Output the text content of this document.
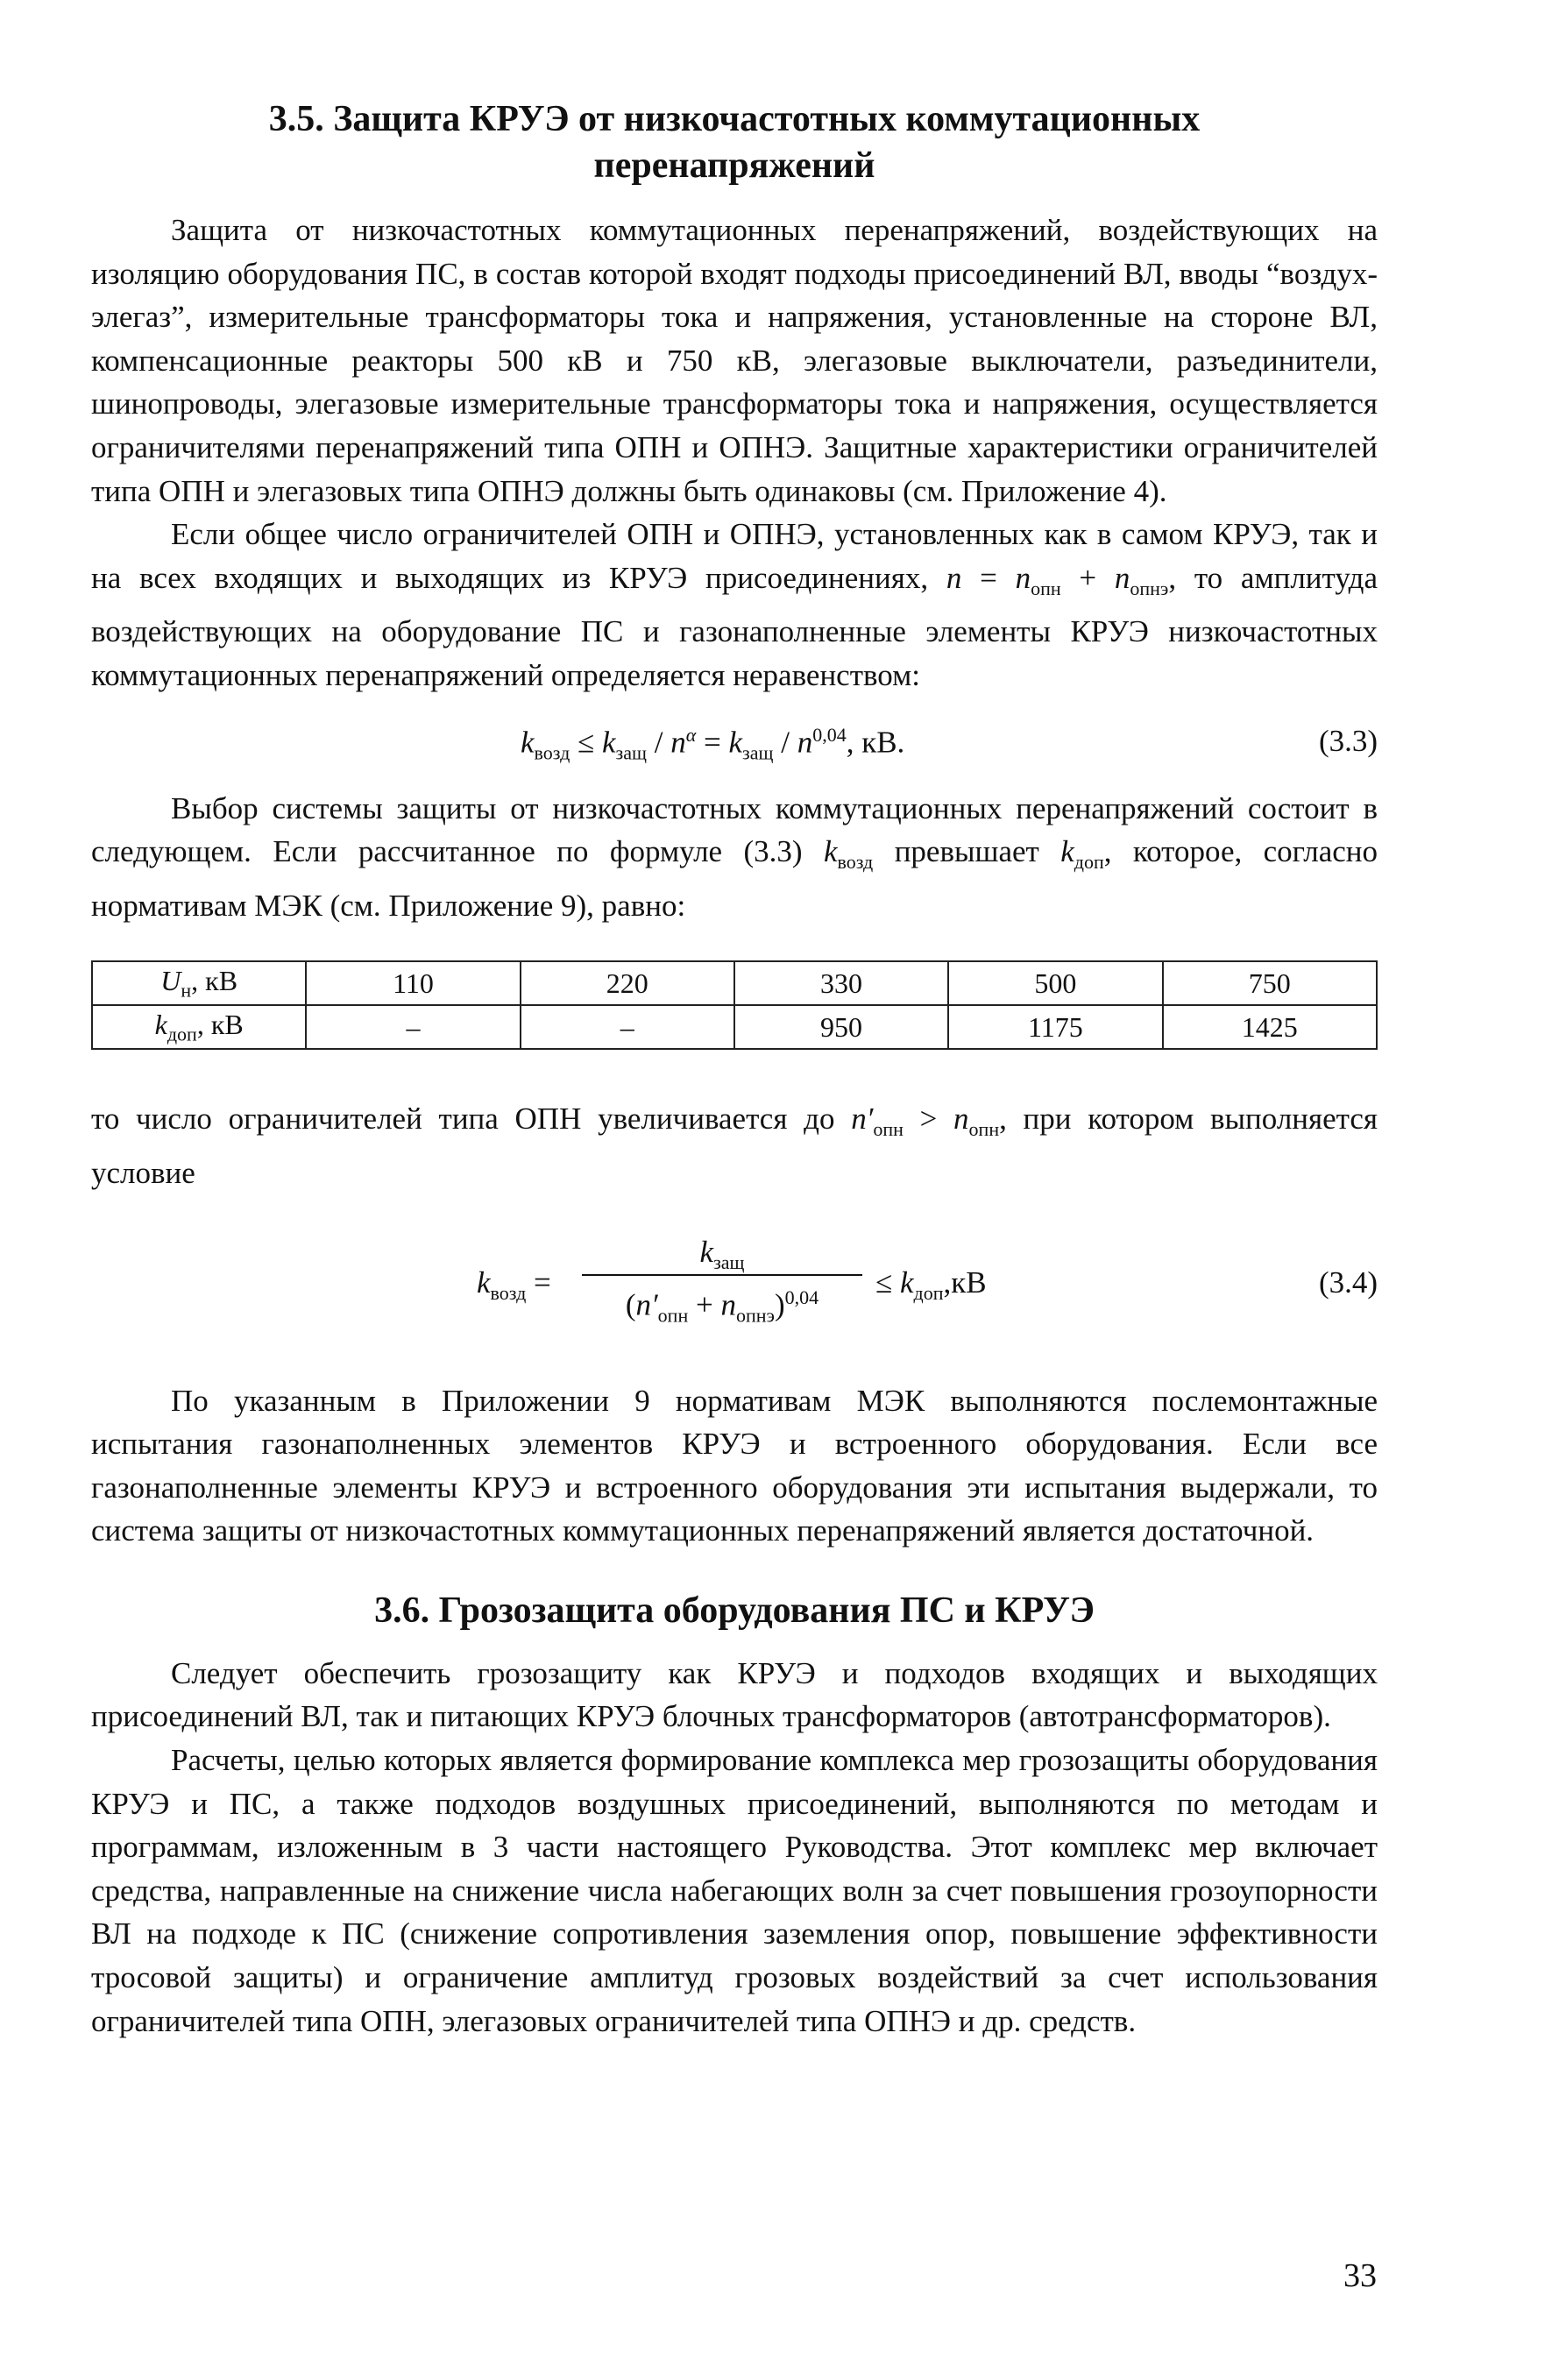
3.5. Защита КРУЭ от низкочастотных коммутационных
перенапряжений

Защита от низкочастотных коммутационных перенапряжений, воздействующих на изоляцию оборудования ПС, в состав которой входят подходы присоединений ВЛ, вводы “воздух-элегаз”, измерительные трансформаторы тока и напряжения, установленные на стороне ВЛ, компенсационные реакторы 500 кВ и 750 кВ, элегазовые выключатели, разъединители, шинопроводы, элегазовые измерительные трансформаторы тока и напряжения, осуществляется ограничителями перенапряжений типа ОПН и ОПНЭ. Защитные характеристики ограничителей типа ОПН и элегазовых типа ОПНЭ должны быть одинаковы (см. Приложение 4).

Если общее число ограничителей ОПН и ОПНЭ, установленных как в самом КРУЭ, так и на всех входящих и выходящих из КРУЭ присоединениях, $n = n_{опн} + n_{опнэ}$, то амплитуда воздействующих на оборудование ПС и газонаполненные элементы КРУЭ низкочастотных коммутационных перенапряжений определяется неравенством:

$k_{возд} \le k_{защ} / n^\alpha = k_{защ} / n^{0,04}$, кВ.	(3.3)

Выбор системы защиты от низкочастотных коммутационных перенапряжений состоит в следующем. Если рассчитанное по формуле (3.3) $k_{возд}$ превышает $k_{доп}$, которое, согласно нормативам МЭК (см. Приложение 9), равно:

$U_н$, кВ	110	220	330	500	750
$k_{доп}$, кВ	–	–	950	1175	1425

то число ограничителей типа ОПН увеличивается до $n'_{опн} > n_{опн}$, при котором выполняется условие

$k_{возд}$ =
$k_{защ}$
$(n'_{опн} + n_{опнэ})^{0,04}$	≤ $k_{доп},кВ$	(3.4)

По указанным в Приложении 9 нормативам МЭК выполняются послемонтажные испытания газонаполненных элементов КРУЭ и встроенного оборудования. Если все газонаполненные элементы КРУЭ и встроенного оборудования эти испытания выдержали, то система защиты от низкочастотных коммутационных перенапряжений является достаточной.

3.6. Грозозащита оборудования ПС и КРУЭ

Следует обеспечить грозозащиту как КРУЭ и подходов входящих и выходящих присоединений ВЛ, так и питающих КРУЭ блочных трансформаторов (автотрансформаторов).

Расчеты, целью которых является формирование комплекса мер грозозащиты оборудования КРУЭ и ПС, а также подходов воздушных присоединений, выполняются по методам и программам, изложенным в 3 части настоящего Руководства. Этот комплекс мер включает средства, направленные на снижение числа набегающих волн за счет повышения грозоупорности ВЛ на подходе к ПС (снижение сопротивления заземления опор, повышение эффективности тросовой защиты) и ограничение амплитуд грозовых воздействий за счет использования ограничителей типа ОПН, элегазовых ограничителей типа ОПНЭ и др. средств.

33
